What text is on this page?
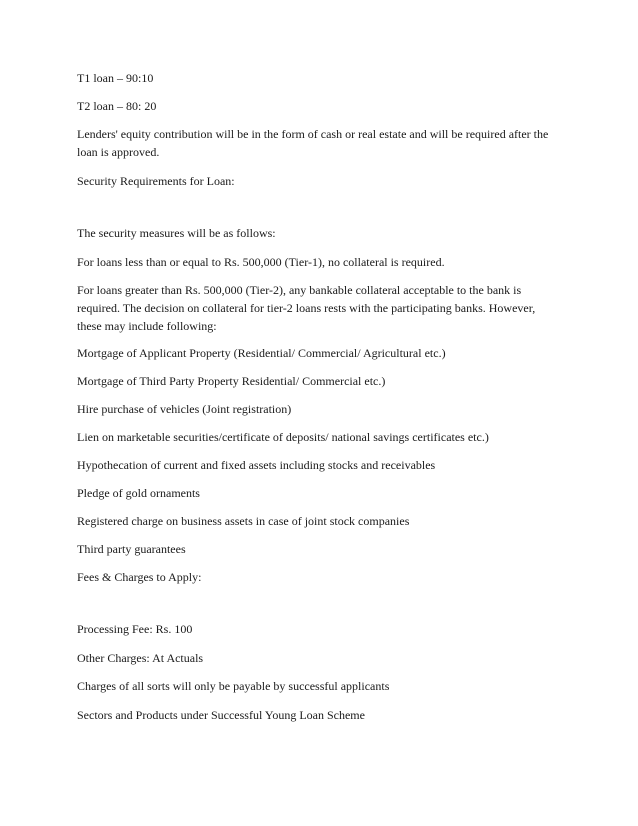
T1 loan – 90:10

T2 loan – 80: 20

Lenders' equity contribution will be in the form of cash or real estate and will be required after the loan is approved.

Security Requirements for Loan:

The security measures will be as follows:

For loans less than or equal to Rs. 500,000 (Tier-1), no collateral is required.

For loans greater than Rs. 500,000 (Tier-2), any bankable collateral acceptable to the bank is required. The decision on collateral for tier-2 loans rests with the participating banks. However, these may include following:

Mortgage of Applicant Property (Residential/ Commercial/ Agricultural etc.)

Mortgage of Third Party Property Residential/ Commercial etc.)

Hire purchase of vehicles (Joint registration)

Lien on marketable securities/certificate of deposits/ national savings certificates etc.)

Hypothecation of current and fixed assets including stocks and receivables

Pledge of gold ornaments

Registered charge on business assets in case of joint stock companies

Third party guarantees

Fees & Charges to Apply:

Processing Fee: Rs. 100

Other Charges: At Actuals

Charges of all sorts will only be payable by successful applicants

Sectors and Products under Successful Young Loan Scheme
